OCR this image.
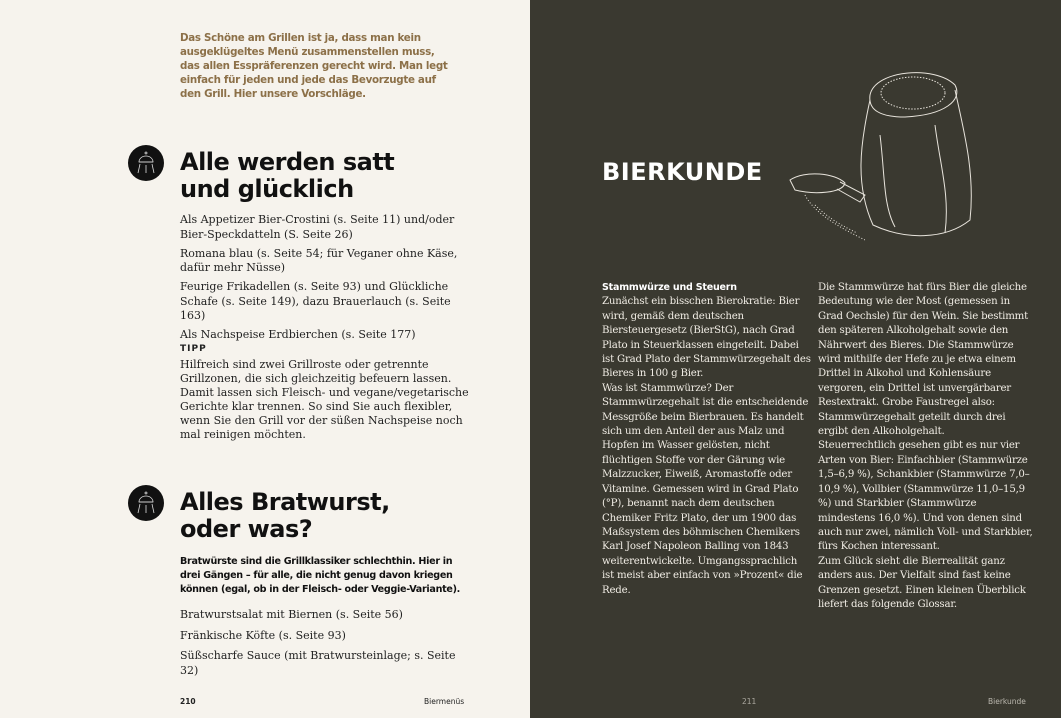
Das Schöne am Grillen ist ja, dass man kein ausgeklügeltes Menü zusammenstellen muss, das allen Esspräferenzen gerecht wird. Man legt einfach für jeden und jede das Bevorzugte auf den Grill. Hier unsere Vorschläge.
Alle werden satt
und glücklich

Als Appetizer Bier-Crostini (s. Seite 11) und/oder Bier-Speckdatteln (S. Seite 26)

Romana blau (s. Seite 54; für Veganer ohne Käse, dafür mehr Nüsse)

Feurige Frikadellen (s. Seite 93) und Glückliche Schafe (s. Seite 149), dazu Brauerlauch (s. Seite 163)

Als Nachspeise Erdbierchen (s. Seite 177)

TIPP
Hilfreich sind zwei Grillroste oder getrennte Grillzonen, die sich gleichzeitig befeuern lassen. Damit lassen sich Fleisch- und vegane/vegetarische Gerichte klar trennen. So sind Sie auch flexibler, wenn Sie den Grill vor der süßen Nachspeise noch mal reinigen möchten.
Alles Bratwurst,
oder was?
Bratwürste sind die Grillklassiker schlechthin. Hier in drei Gängen – für alle, die nicht genug davon kriegen können (egal, ob in der Fleisch- oder Veggie-Variante).

Bratwurstsalat mit Biernen (s. Seite 56)

Fränkische Köfte (s. Seite 93)

Süßscharfe Sauce (mit Bratwursteinlage; s. Seite 32)

210	Biermenüs
BIERKUNDE
Stammwürze und Steuern

Zunächst ein bisschen Bierokratie: Bier wird, gemäß dem deutschen Biersteuergesetz (BierStG), nach Grad Plato in Steuerklassen eingeteilt. Dabei ist Grad Plato der Stammwürzegehalt des Bieres in 100 g Bier.

Was ist Stammwürze? Der Stammwürzegehalt ist die entscheidende Messgröße beim Bierbrauen. Es handelt sich um den Anteil der aus Malz und Hopfen im Wasser gelösten, nicht flüchtigen Stoffe vor der Gärung wie Malzzucker, Eiweiß, Aromastoffe oder Vitamine. Gemessen wird in Grad Plato (°P), benannt nach dem deutschen Chemiker Fritz Plato, der um 1900 das Maßsystem des böhmischen Chemikers Karl Josef Napoleon Balling von 1843 weiterentwickelte. Umgangssprachlich ist meist aber einfach von »Prozent« die Rede.

Die Stammwürze hat fürs Bier die gleiche Bedeutung wie der Most (gemessen in Grad Oechsle) für den Wein. Sie bestimmt den späteren Alkoholgehalt sowie den Nährwert des Bieres. Die Stammwürze wird mithilfe der Hefe zu je etwa einem Drittel in Alkohol und Kohlensäure vergoren, ein Drittel ist unvergärbarer Restextrakt. Grobe Faustregel also: Stammwürzegehalt geteilt durch drei ergibt den Alkoholgehalt.

Steuerrechtlich gesehen gibt es nur vier Arten von Bier: Einfachbier (Stammwürze 1,5–6,9 %), Schankbier (Stammwürze 7,0–10,9 %), Vollbier (Stammwürze 11,0–15,9 %) und Starkbier (Stammwürze mindestens 16,0 %). Und von denen sind auch nur zwei, nämlich Voll- und Starkbier, fürs Kochen interessant.

Zum Glück sieht die Bierrealität ganz anders aus. Der Vielfalt sind fast keine Grenzen gesetzt. Einen kleinen Überblick liefert das folgende Glossar.

211	Bierkunde
